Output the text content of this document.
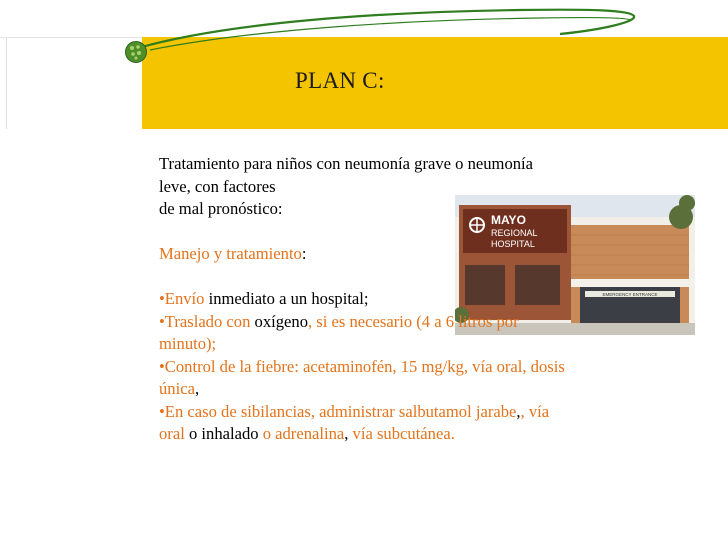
PLAN C:
MAYO
REGIONAL
HOSPITAL
EMERGENCY ENTRANCE

Tratamiento para niños con neumonía grave o neumonía

leve, con factores

de mal pronóstico:

Manejo y tratamiento:

•Envío inmediato a un hospital;

•Traslado con oxígeno, si es necesario (4 a 6 litros por

minuto);

•Control de la fiebre: acetaminofén, 15 mg/kg, vía oral, dosis

única,

•En caso de sibilancias, administrar salbutamol jarabe,, vía

oral o inhalado o adrenalina, vía subcutánea.
